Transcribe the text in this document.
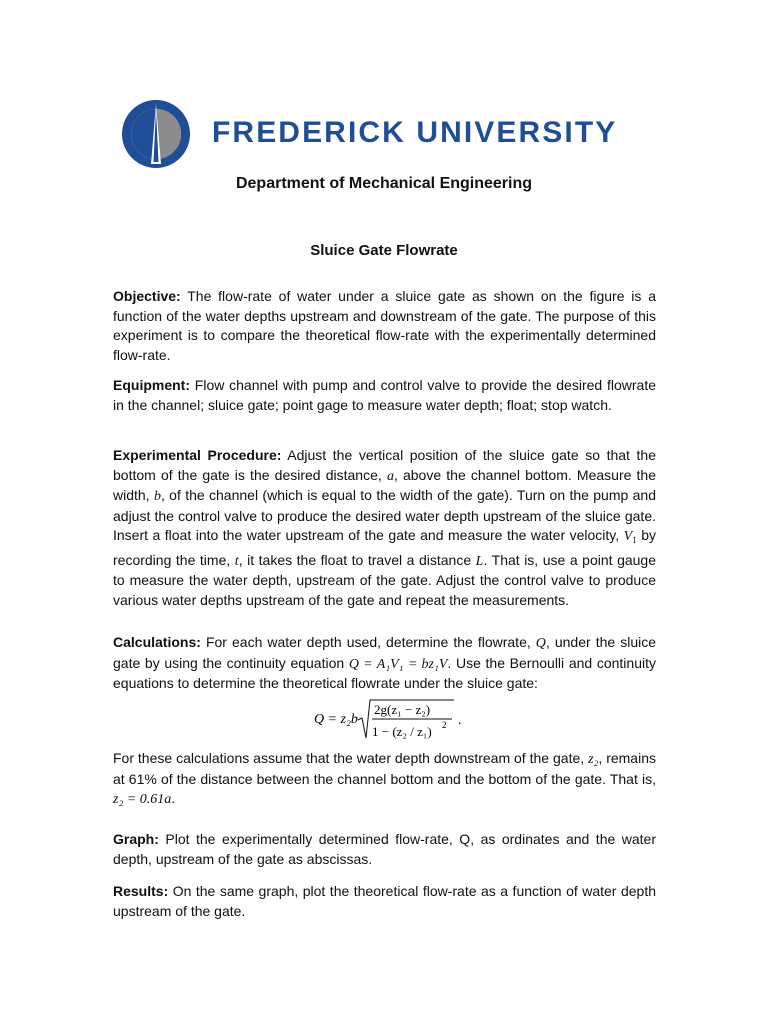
FREDERICK UNIVERSITY
Department of Mechanical Engineering
Sluice Gate Flowrate

Objective: The flow-rate of water under a sluice gate as shown on the figure is a function of the water depths upstream and downstream of the gate. The purpose of this experiment is to compare the theoretical flow-rate with the experimentally determined flow-rate.

Equipment: Flow channel with pump and control valve to provide the desired flowrate in the channel; sluice gate; point gage to measure water depth; float; stop watch.

Experimental Procedure: Adjust the vertical position of the sluice gate so that the bottom of the gate is the desired distance, a, above the channel bottom. Measure the width, b, of the channel (which is equal to the width of the gate). Turn on the pump and adjust the control valve to produce the desired water depth upstream of the sluice gate. Insert a float into the water upstream of the gate and measure the water velocity, $V_1$ by recording the time, t, it takes the float to travel a distance L. That is, use a point gauge to measure the water depth, upstream of the gate. Adjust the control valve to produce various water depths upstream of the gate and repeat the measurements.

Calculations: For each water depth used, determine the flowrate, Q, under the sluice gate by using the continuity equation Q = A₁V₁ = bz₁V. Use the Bernoulli and continuity equations to determine the theoretical flowrate under the sluice gate:

Q = z₂b
2g(z₁ − z₂)
1 − (z₂ / z₁) 2 .

For these calculations assume that the water depth downstream of the gate, z₂, remains at 61% of the distance between the channel bottom and the bottom of the gate. That is, z₂ = 0.61a.

Graph: Plot the experimentally determined flow-rate, Q, as ordinates and the water depth, upstream of the gate as abscissas.

Results: On the same graph, plot the theoretical flow-rate as a function of water depth upstream of the gate.
